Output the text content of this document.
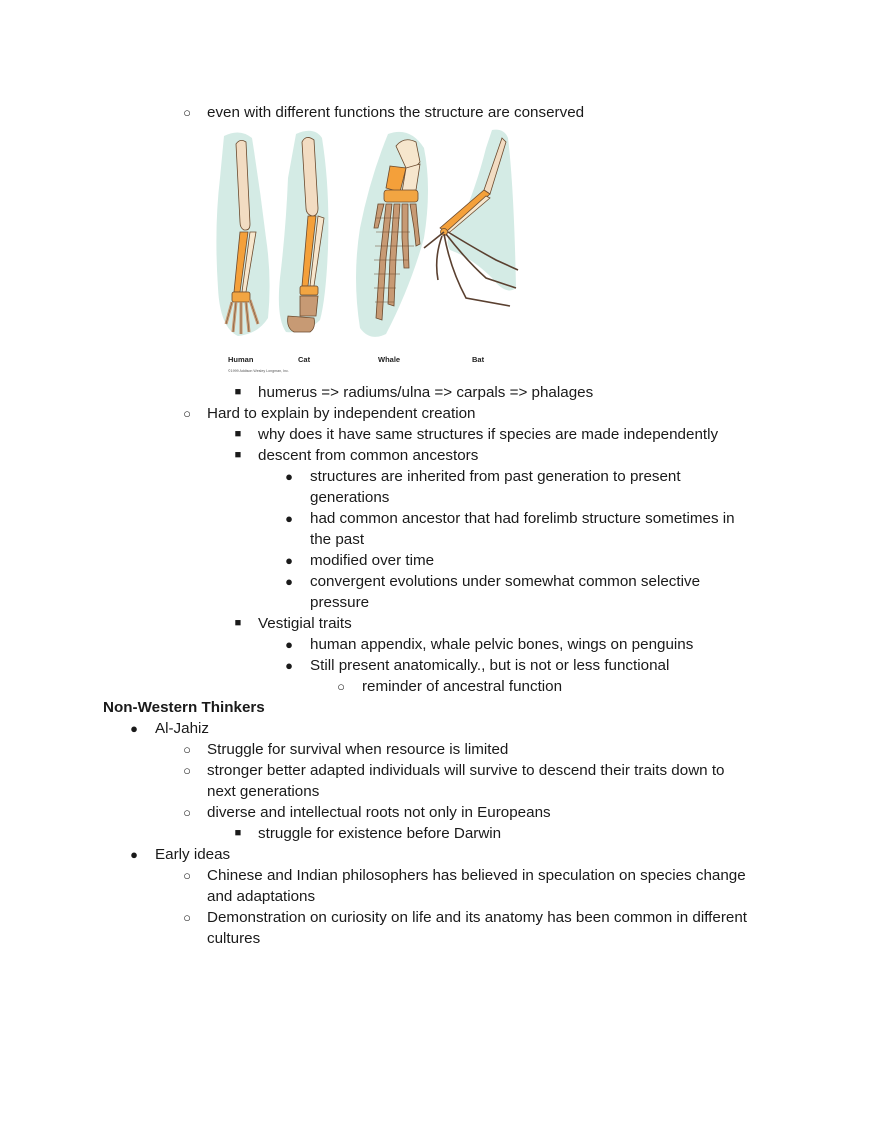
○ even with different functions the structure are conserved
Human	Cat	Whale	Bat
©1999 Addison Wesley Longman, Inc.
■ humerus => radiums/ulna => carpals => phalages
○ Hard to explain by independent creation
■ why does it have same structures if species are made independently
■ descent from common ancestors
● structures are inherited from past generation to present
generations
● had common ancestor that had forelimb structure sometimes in
the past
● modified over time
● convergent evolutions under somewhat common selective
pressure
■ Vestigial traits
● human appendix, whale pelvic bones, wings on penguins
● Still present anatomically., but is not or less functional
○ reminder of ancestral function
Non-Western Thinkers
● Al-Jahiz
○ Struggle for survival when resource is limited
○ stronger better adapted individuals will survive to descend their traits down to
next generations
○ diverse and intellectual roots not only in Europeans
■ struggle for existence before Darwin
● Early ideas
○ Chinese and Indian philosophers has believed in speculation on species change
and adaptations
○ Demonstration on curiosity on life and its anatomy has been common in different
cultures
